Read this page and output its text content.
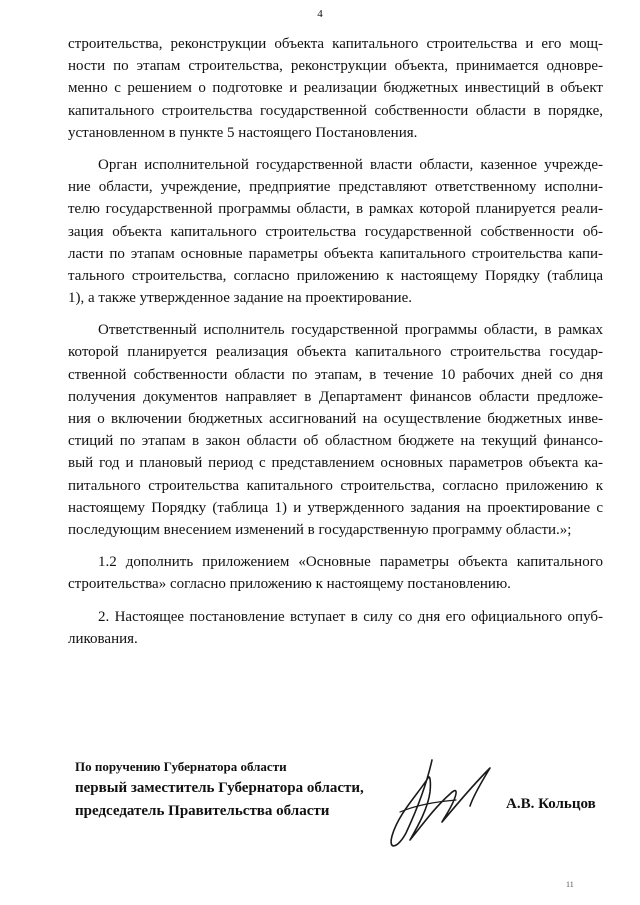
4
строительства, реконструкции объекта капитального строительства и его мощ-
ности по этапам строительства, реконструкции объекта, принимается одновре-
менно с решением о подготовке и реализации бюджетных инвестиций в объект
капитального строительства государственной собственности области в порядке,
установленном в пункте 5 настоящего Постановления.
Орган исполнительной государственной власти области, казенное учрежде-
ние области, учреждение, предприятие представляют ответственному исполни-
телю государственной программы области, в рамках которой планируется реали-
зация объекта капитального строительства государственной собственности об-
ласти по этапам основные параметры объекта капитального строительства капи-
тального строительства, согласно приложению к настоящему Порядку (таблица
1), а также утвержденное задание на проектирование.
Ответственный исполнитель государственной программы области, в рамках
которой планируется реализация объекта капитального строительства государ-
ственной собственности области по этапам, в течение 10 рабочих дней со дня
получения документов направляет в Департамент финансов области предложе-
ния о включении бюджетных ассигнований на осуществление бюджетных инве-
стиций по этапам в закон области об областном бюджете на текущий финансо-
вый год и плановый период с представлением основных параметров объекта ка-
питального строительства капитального строительства, согласно приложению к
настоящему Порядку (таблица 1) и утвержденного задания на проектирование с
последующим внесением изменений в государственную программу области.»;
1.2 дополнить приложением «Основные параметры объекта капитального
строительства» согласно приложению к настоящему постановлению.
2. Настоящее постановление вступает в силу со дня его официального опуб-
ликования.
По поручению Губернатора области
первый заместитель Губернатора области,
председатель Правительства области	А.В. Кольцов
11
